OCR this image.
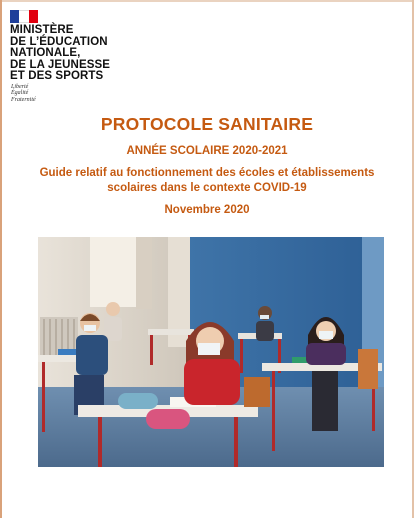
MINISTÈRE
DE L’ÉDUCATION
NATIONALE,
DE LA JEUNESSE
ET DES SPORTS
Liberté
Égalité
Fraternité
PROTOCOLE SANITAIRE
ANNÉE SCOLAIRE 2020-2021
Guide relatif au fonctionnement des écoles et établissements
scolaires dans le contexte COVID-19
Novembre 2020
